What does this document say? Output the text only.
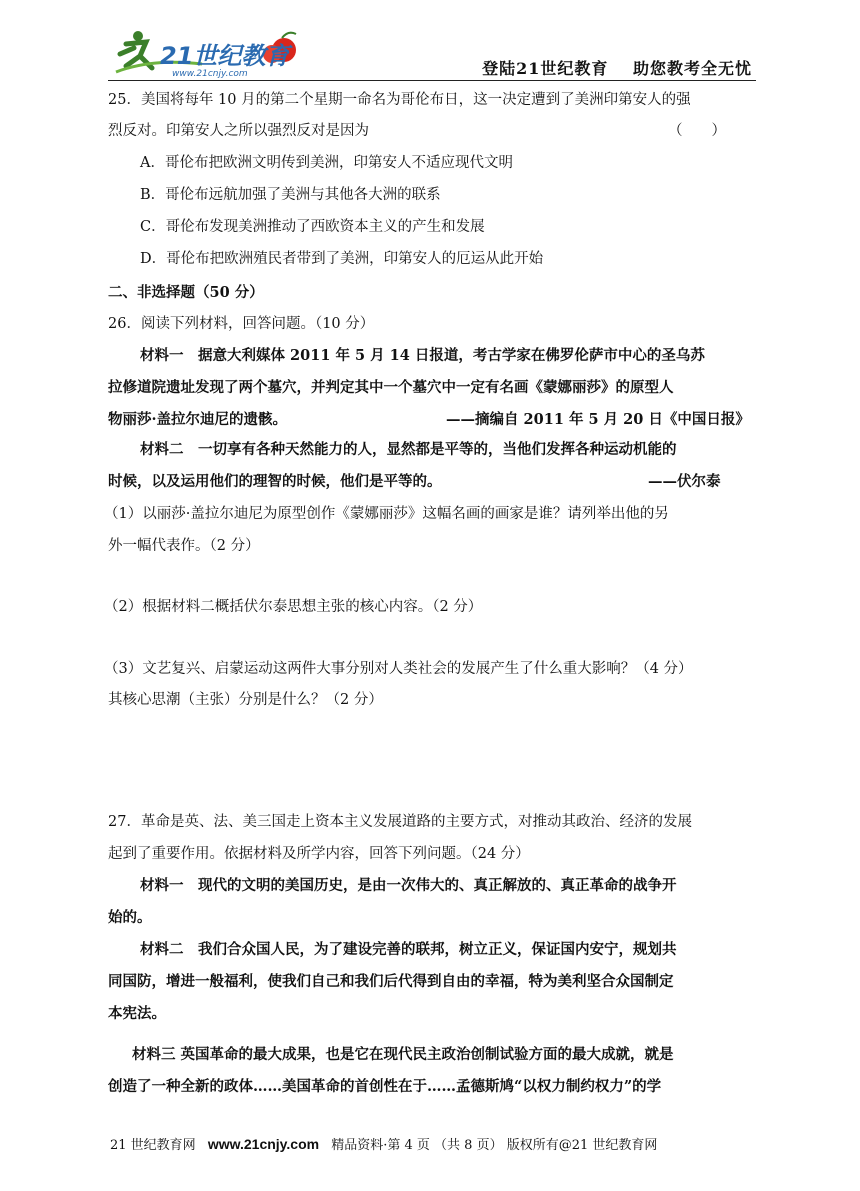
21世纪教育
www.21cnjy.com	登陆21世纪教育 助您教考全无忧
25．美国将每年 10 月的第二个星期一命名为哥伦布日，这一决定遭到了美洲印第安人的强
烈反对。印第安人之所以强烈反对是因为	（　　）
A．哥伦布把欧洲文明传到美洲，印第安人不适应现代文明
B．哥伦布远航加强了美洲与其他各大洲的联系
C．哥伦布发现美洲推动了西欧资本主义的产生和发展
D．哥伦布把欧洲殖民者带到了美洲，印第安人的厄运从此开始
二、非选择题（50 分）
26．阅读下列材料，回答问题。（10 分）
材料一　据意大利媒体 2011 年 5 月 14 日报道，考古学家在佛罗伦萨市中心的圣乌苏
拉修道院遗址发现了两个墓穴，并判定其中一个墓穴中一定有名画《蒙娜丽莎》的原型人
物丽莎·盖拉尔迪尼的遗骸。	——摘编自 2011 年 5 月 20 日《中国日报》
材料二　一切享有各种天然能力的人，显然都是平等的，当他们发挥各种运动机能的
时候，以及运用他们的理智的时候，他们是平等的。	——伏尔泰
（1）以丽莎·盖拉尔迪尼为原型创作《蒙娜丽莎》这幅名画的画家是谁？请列举出他的另
外一幅代表作。（2 分）
（2）根据材料二概括伏尔泰思想主张的核心内容。（2 分）
（3）文艺复兴、启蒙运动这两件大事分别对人类社会的发展产生了什么重大影响？（4 分）
其核心思潮（主张）分别是什么？（2 分）
27．革命是英、法、美三国走上资本主义发展道路的主要方式，对推动其政治、经济的发展
起到了重要作用。依据材料及所学内容，回答下列问题。（24 分）
材料一　现代的文明的美国历史，是由一次伟大的、真正解放的、真正革命的战争开
始的。
材料二　我们合众国人民，为了建设完善的联邦，树立正义，保证国内安宁，规划共
同国防，增进一般福利，使我们自己和我们后代得到自由的幸福，特为美利坚合众国制定
本宪法。
材料三 英国革命的最大成果，也是它在现代民主政治创制试验方面的最大成就，就是
创造了一种全新的政体……美国革命的首创性在于……孟德斯鸠“以权力制约权力”的学
21 世纪教育网 www.21cnjy.com 精品资料·第 4 页 （共 8 页） 版权所有@21 世纪教育网
